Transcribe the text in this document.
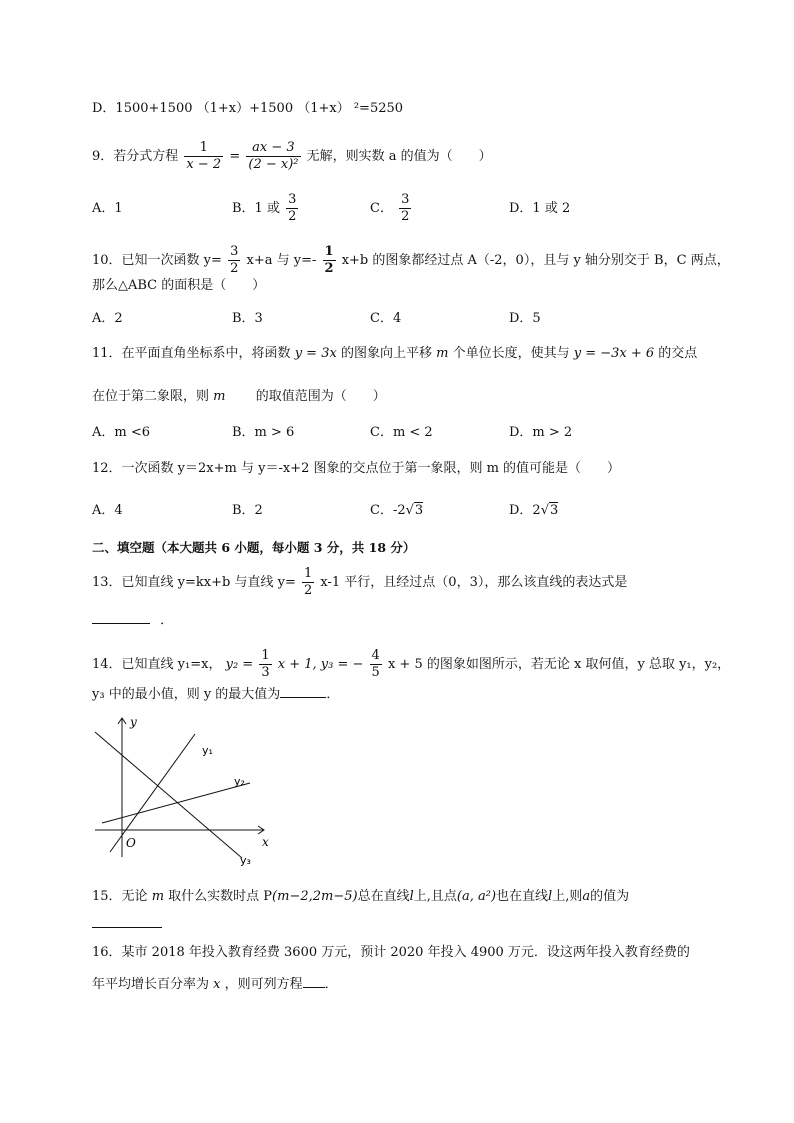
D．1500+1500 （1+x）+1500 （1+x） ²=5250
9．若分式方程 $\frac{1}{x - 2} = \frac{ax - 3}{\text{(2 − x)²}}$ 无解，则实数 a 的值为（　　）
A．1	B．1 或 $\frac{3}{2}$	C． $\frac{3}{2}$	D．1 或 2
10．已知一次函数 $y= \frac{3}{2} x+a$ 与 $y=- \frac{1}{2} x+b$ 的图象都经过点 A（-2，0），且与 y 轴分别交于 B，C 两点，
那么△ABC 的面积是（　　）
A．2	B．3	C．4	D．5
11．在平面直角坐标系中，将函数 y = 3x 的图象向上平移 m 个单位长度，使其与 y = −3x + 6 的交点
在位于第二象限，则 m 的取值范围为（　　）
A．m <6	B．m > 6	C．m < 2	D．m > 2
12．一次函数 y＝2x+m 与 y＝-x+2 图象的交点位于第一象限，则 m 的值可能是（　　）
A．4	B．2	C．-2√3	D．2√3
二、填空题（本大题共 6 小题，每小题 3 分，共 18 分）
13．已知直线 y=kx+b 与直线 $y= \frac{1}{2} x-1$ 平行，且经过点（0，3），那么该直线的表达式是
．
14．已知直线 y₁=x， $y_2 = \frac{1}{3}$ x + 1, y₃ = − $\frac{4}{5}$ x + 5 的图象如图所示，若无论 x 取何值，y 总取 y₁，y₂，
y₃ 中的最小值，则 y 的最大值为	．
y
x
O
y₁
y₂
y₃
15．无论 m 取什么实数时点 P(m−2,2m−5)总在直线l上,且点(a, a²)也在直线l上,则a的值为
16．某市 2018 年投入教育经费 3600 万元，预计 2020 年投入 4900 万元．设这两年投入教育经费的
年平均增长百分率为 x ，则可列方程 ．
